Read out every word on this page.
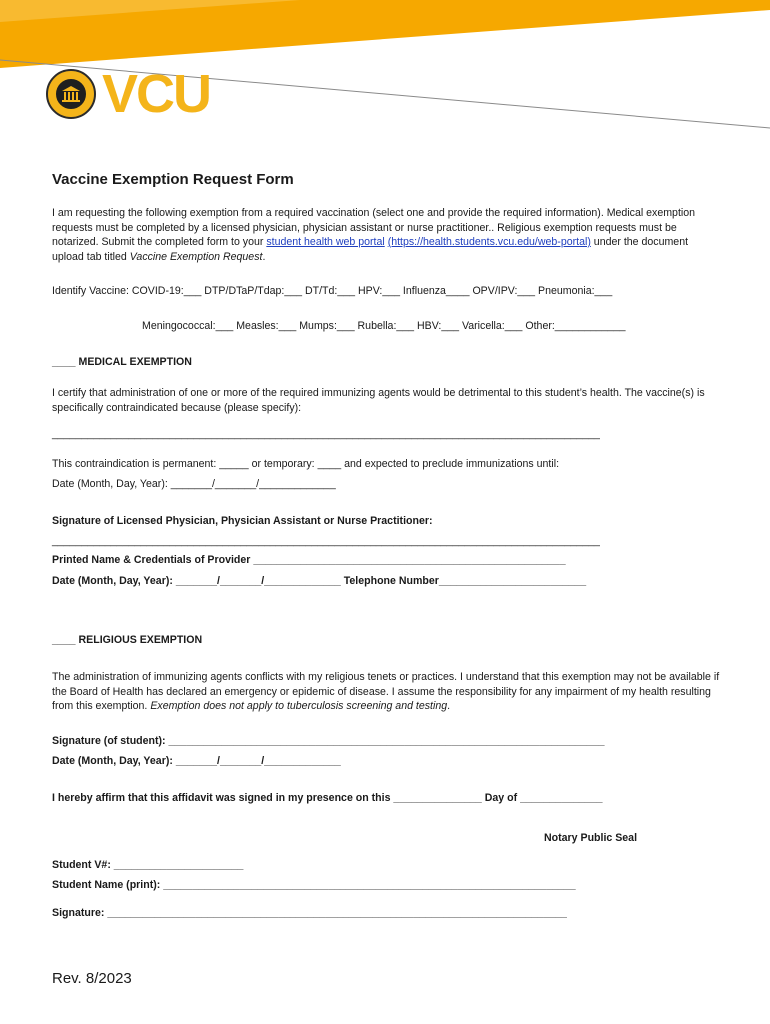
VCU
Vaccine Exemption Request Form

I am requesting the following exemption from a required vaccination (select one and provide the required information). Medical exemption requests must be completed by a licensed physician, physician assistant or nurse practitioner.. Religious exemption requests must be notarized. Submit the completed form to your student health web portal (https://health.students.vcu.edu/web-portal) under the document upload tab titled Vaccine Exemption Request.

Identify Vaccine: COVID-19:___ DTP/DTaP/Tdap:___ DT/Td:___ HPV:___ Influenza____ OPV/IPV:___ Pneumonia:___
Meningococcal:___ Measles:___ Mumps:___ Rubella:___ HBV:___ Varicella:___ Other:____________
____ MEDICAL EXEMPTION

I certify that administration of one or more of the required immunizing agents would be detrimental to this student’s health. The vaccine(s) is specifically contraindicated because (please specify):

_____________________________________________________________________________________________
This contraindication is permanent: _____ or temporary: ____ and expected to preclude immunizations until:
Date (Month, Day, Year): _______/_______/_____________
Signature of Licensed Physician, Physician Assistant or Nurse Practitioner:
_____________________________________________________________________________________________
Printed Name & Credentials of Provider _____________________________________________________
Date (Month, Day, Year): _______/_______/_____________ Telephone Number_________________________
____ RELIGIOUS EXEMPTION

The administration of immunizing agents conflicts with my religious tenets or practices. I understand that this exemption may not be available if the Board of Health has declared an emergency or epidemic of disease. I assume the responsibility for any impairment of my health resulting from this exemption. Exemption does not apply to tuberculosis screening and testing.

Signature (of student): __________________________________________________________________________
Date (Month, Day, Year): _______/_______/_____________
I hereby affirm that this affidavit was signed in my presence on this _______________ Day of ______________
Notary Public Seal
Student V#: ______________________
Student Name (print): ______________________________________________________________________
Signature: ______________________________________________________________________________
Rev. 8/2023
